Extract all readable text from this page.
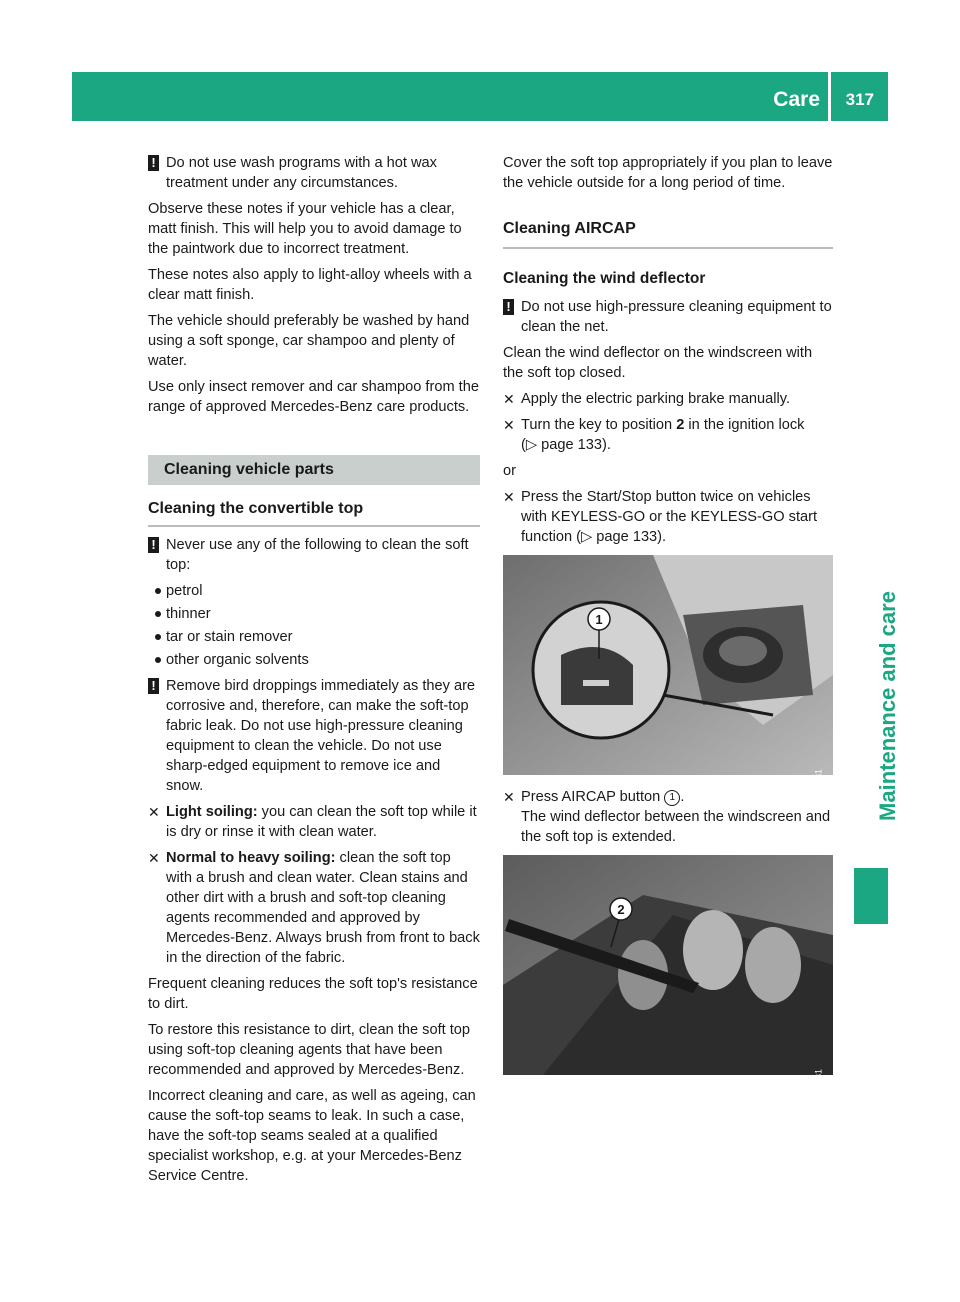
Care 317
Maintenance and care
! Do not use wash programs with a hot wax treatment under any circumstances.

Observe these notes if your vehicle has a clear, matt finish. This will help you to avoid damage to the paintwork due to incorrect treatment.

These notes also apply to light-alloy wheels with a clear matt finish.

The vehicle should preferably be washed by hand using a soft sponge, car shampoo and plenty of water.

Use only insect remover and car shampoo from the range of approved Mercedes-Benz care products.

Cleaning vehicle parts
Cleaning the convertible top
! Never use any of the following to clean the soft top:
petrol
thinner
tar or stain remover
other organic solvents
! Remove bird droppings immediately as they are corrosive and, therefore, can make the soft-top fabric leak. Do not use high-pressure cleaning equipment to clean the vehicle. Do not use sharp-edged equipment to remove ice and snow.
✕ Light soiling: you can clean the soft top while it is dry or rinse it with clean water.
✕ Normal to heavy soiling: clean the soft top with a brush and clean water. Clean stains and other dirt with a brush and soft-top cleaning agents recommended and approved by Mercedes-Benz. Always brush from front to back in the direction of the fabric.

Frequent cleaning reduces the soft top's resistance to dirt.

To restore this resistance to dirt, clean the soft top using soft-top cleaning agents that have been recommended and approved by Mercedes-Benz.

Incorrect cleaning and care, as well as ageing, can cause the soft-top seams to leak. In such a case, have the soft-top seams sealed at a qualified specialist workshop, e.g. at your Mercedes-Benz Service Centre.

Cover the soft top appropriately if you plan to leave the vehicle outside for a long period of time.

Cleaning AIRCAP
Cleaning the wind deflector
! Do not use high-pressure cleaning equipment to clean the net.

Clean the wind deflector on the windscreen with the soft top closed.

✕ Apply the electric parking brake manually.
✕ Turn the key to position 2 in the ignition lock
(▷ page 133).

or

✕ Press the Start/Stop button twice on vehicles with KEYLESS-GO or the KEYLESS-GO start function (▷ page 133).
1
P54.26-0333-31
✕ Press AIRCAP button 1 .
The wind deflector between the windscreen and the soft top is extended.
2
P77.25-2001-31
